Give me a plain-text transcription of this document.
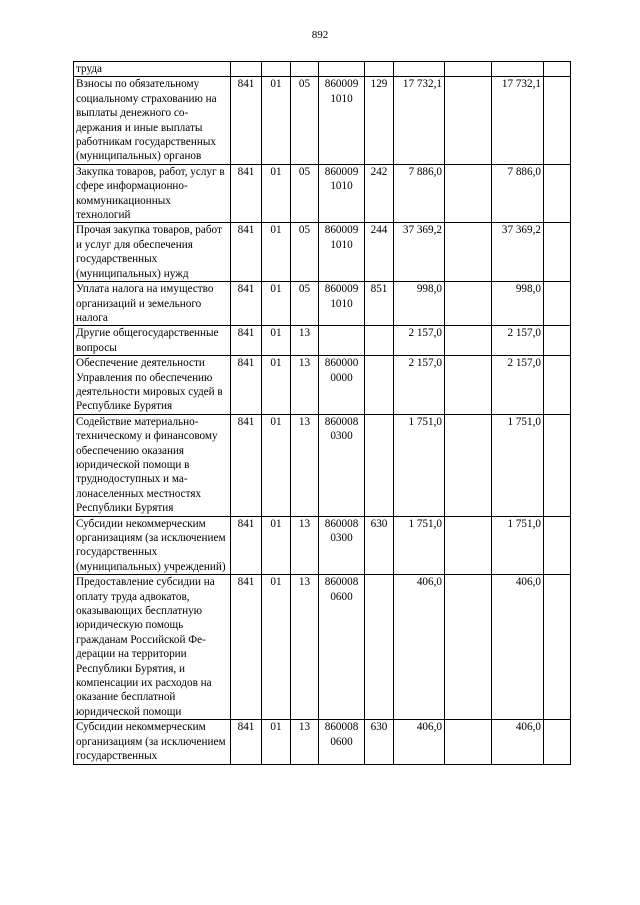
892
труда									
Взносы по обязательному социальному страхованию на выплаты денежного содержания и иные выплаты работникам государственных (муниципальных) органов	841	01	05	860009 1010	129	17 732,1		17 732,1	
Закупка товаров, работ, услуг в сфере информационно-коммуникационных технологий	841	01	05	860009 1010	242	7 886,0		7 886,0	
Прочая закупка товаров, работ и услуг для обеспечения государственных (муниципальных) нужд	841	01	05	860009 1010	244	37 369,2		37 369,2	
Уплата налога на имущество организаций и земельного налога	841	01	05	860009 1010	851	998,0		998,0	
Другие общегосударственные вопросы	841	01	13			2 157,0		2 157,0	
Обеспечение деятельности Управления по обеспечению деятельности мировых судей в Республике Бурятия	841	01	13	860000 0000		2 157,0		2 157,0	
Содействие материально-техническому и финансовому обеспечению оказания юридической помощи в труднодоступных и малонаселенных местностях Республики Бурятия	841	01	13	860008 0300		1 751,0		1 751,0	
Субсидии некоммерческим организациям (за исключением государственных (муниципальных) учреждений)	841	01	13	860008 0300	630	1 751,0		1 751,0	
Предоставление субсидии на оплату труда адвокатов, оказывающих бесплатную юридическую помощь гражданам Российской Федерации на территории Республики Бурятия, и компенсации их расходов на оказание бесплатной юридической помощи	841	01	13	860008 0600		406,0		406,0	
Субсидии некоммерческим организациям (за исключением государственных	841	01	13	860008 0600	630	406,0		406,0	
